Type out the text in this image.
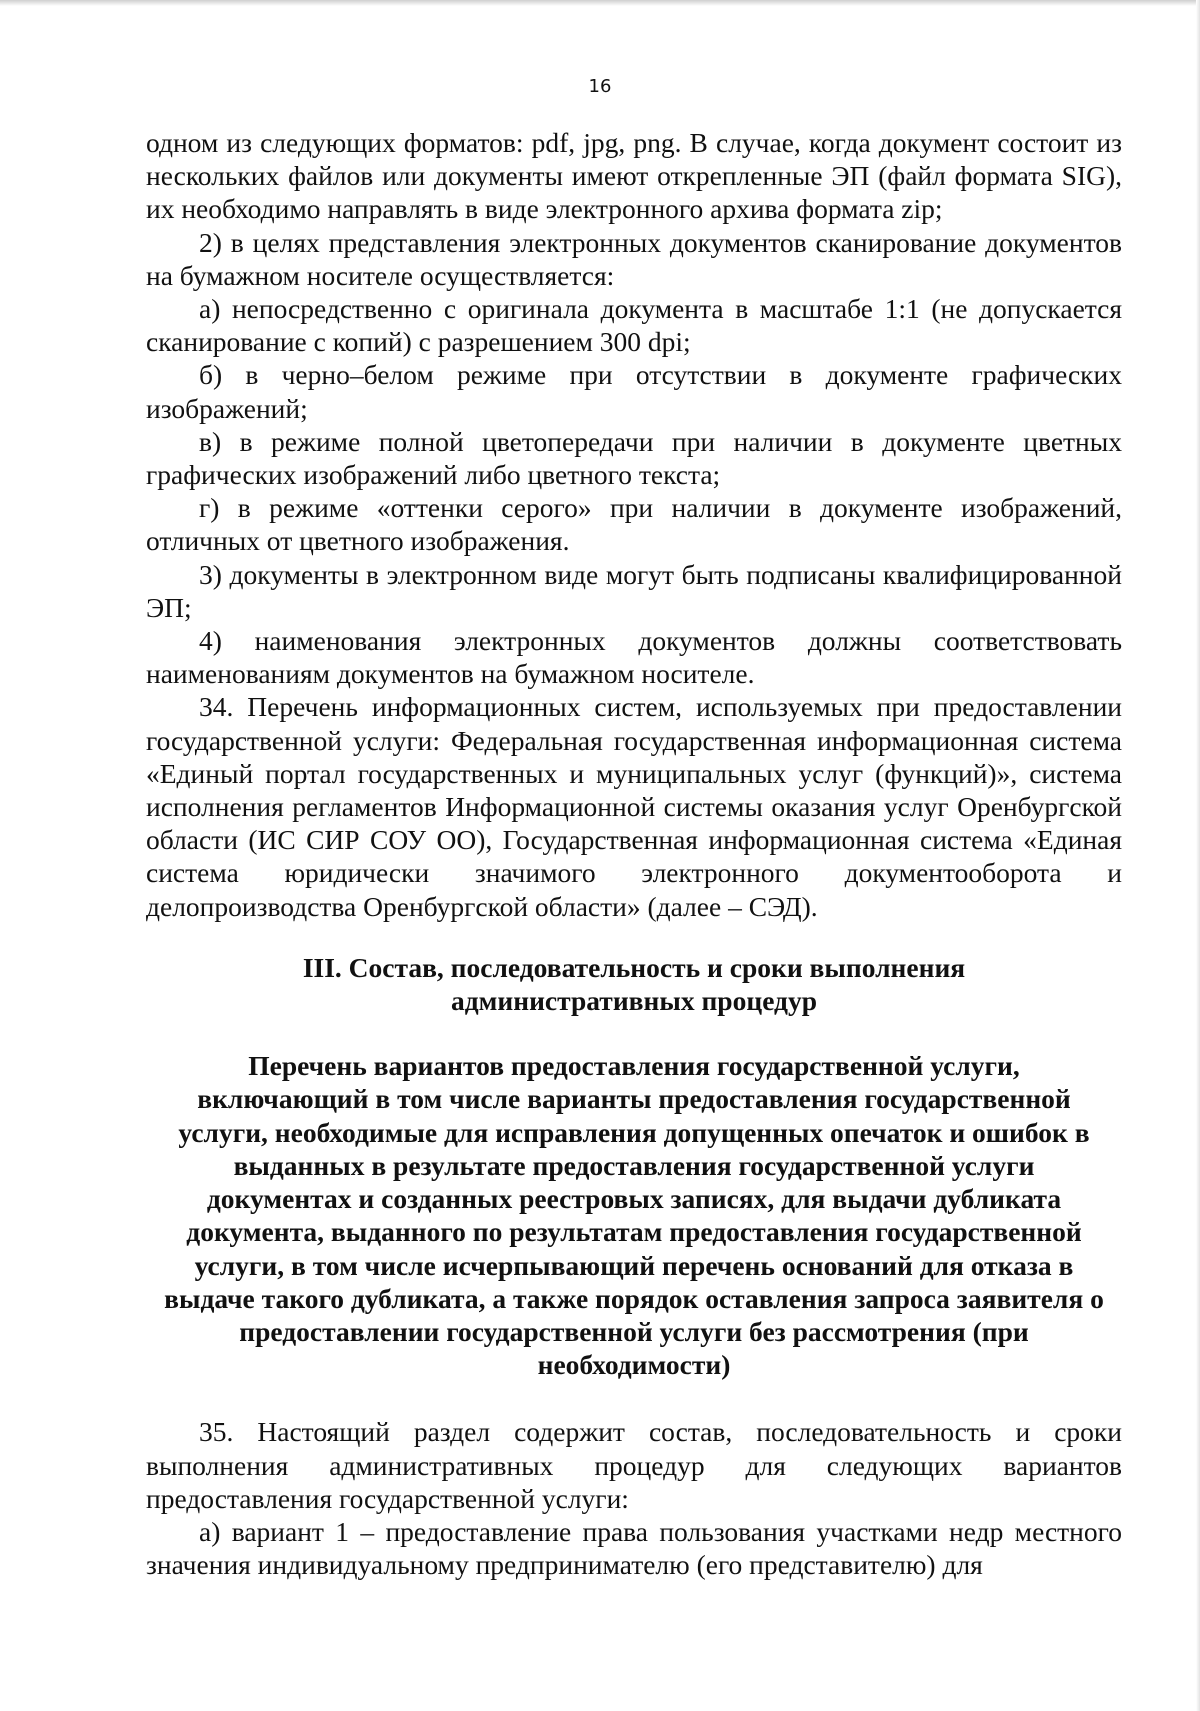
16

одном из следующих форматов: pdf, jpg, png. В случае, когда документ состоит из нескольких файлов или документы имеют открепленные ЭП (файл формата SIG), их необходимо направлять в виде электронного архива формата zip;

2) в целях представления электронных документов сканирование документов на бумажном носителе осуществляется:

а) непосредственно с оригинала документа в масштабе 1:1 (не допускается сканирование с копий) с разрешением 300 dpi;

б) в черно–белом режиме при отсутствии в документе графических изображений;

в) в режиме полной цветопередачи при наличии в документе цветных графических изображений либо цветного текста;

г) в режиме «оттенки серого» при наличии в документе изображений, отличных от цветного изображения.

3) документы в электронном виде могут быть подписаны квалифицированной ЭП;

4) наименования электронных документов должны соответствовать наименованиям документов на бумажном носителе.

34. Перечень информационных систем, используемых при предоставлении государственной услуги: Федеральная государственная информационная система «Единый портал государственных и муниципальных услуг (функций)», система исполнения регламентов Информационной системы оказания услуг Оренбургской области (ИС СИР СОУ ОО), Государственная информационная система «Единая система юридически значимого электронного документооборота и делопроизводства Оренбургской области» (далее – СЭД).

III. Состав, последовательность и сроки выполнения
административных процедур
Перечень вариантов предоставления государственной услуги,
включающий в том числе варианты предоставления государственной
услуги, необходимые для исправления допущенных опечаток и ошибок в
выданных в результате предоставления государственной услуги
документах и созданных реестровых записях, для выдачи дубликата
документа, выданного по результатам предоставления государственной
услуги, в том числе исчерпывающий перечень оснований для отказа в
выдаче такого дубликата, а также порядок оставления запроса заявителя о
предоставлении государственной услуги без рассмотрения (при
необходимости)

35. Настоящий раздел содержит состав, последовательность и сроки выполнения административных процедур для следующих вариантов предоставления государственной услуги:

а) вариант 1 – предоставление права пользования участками недр местного значения индивидуальному предпринимателю (его представителю) для
